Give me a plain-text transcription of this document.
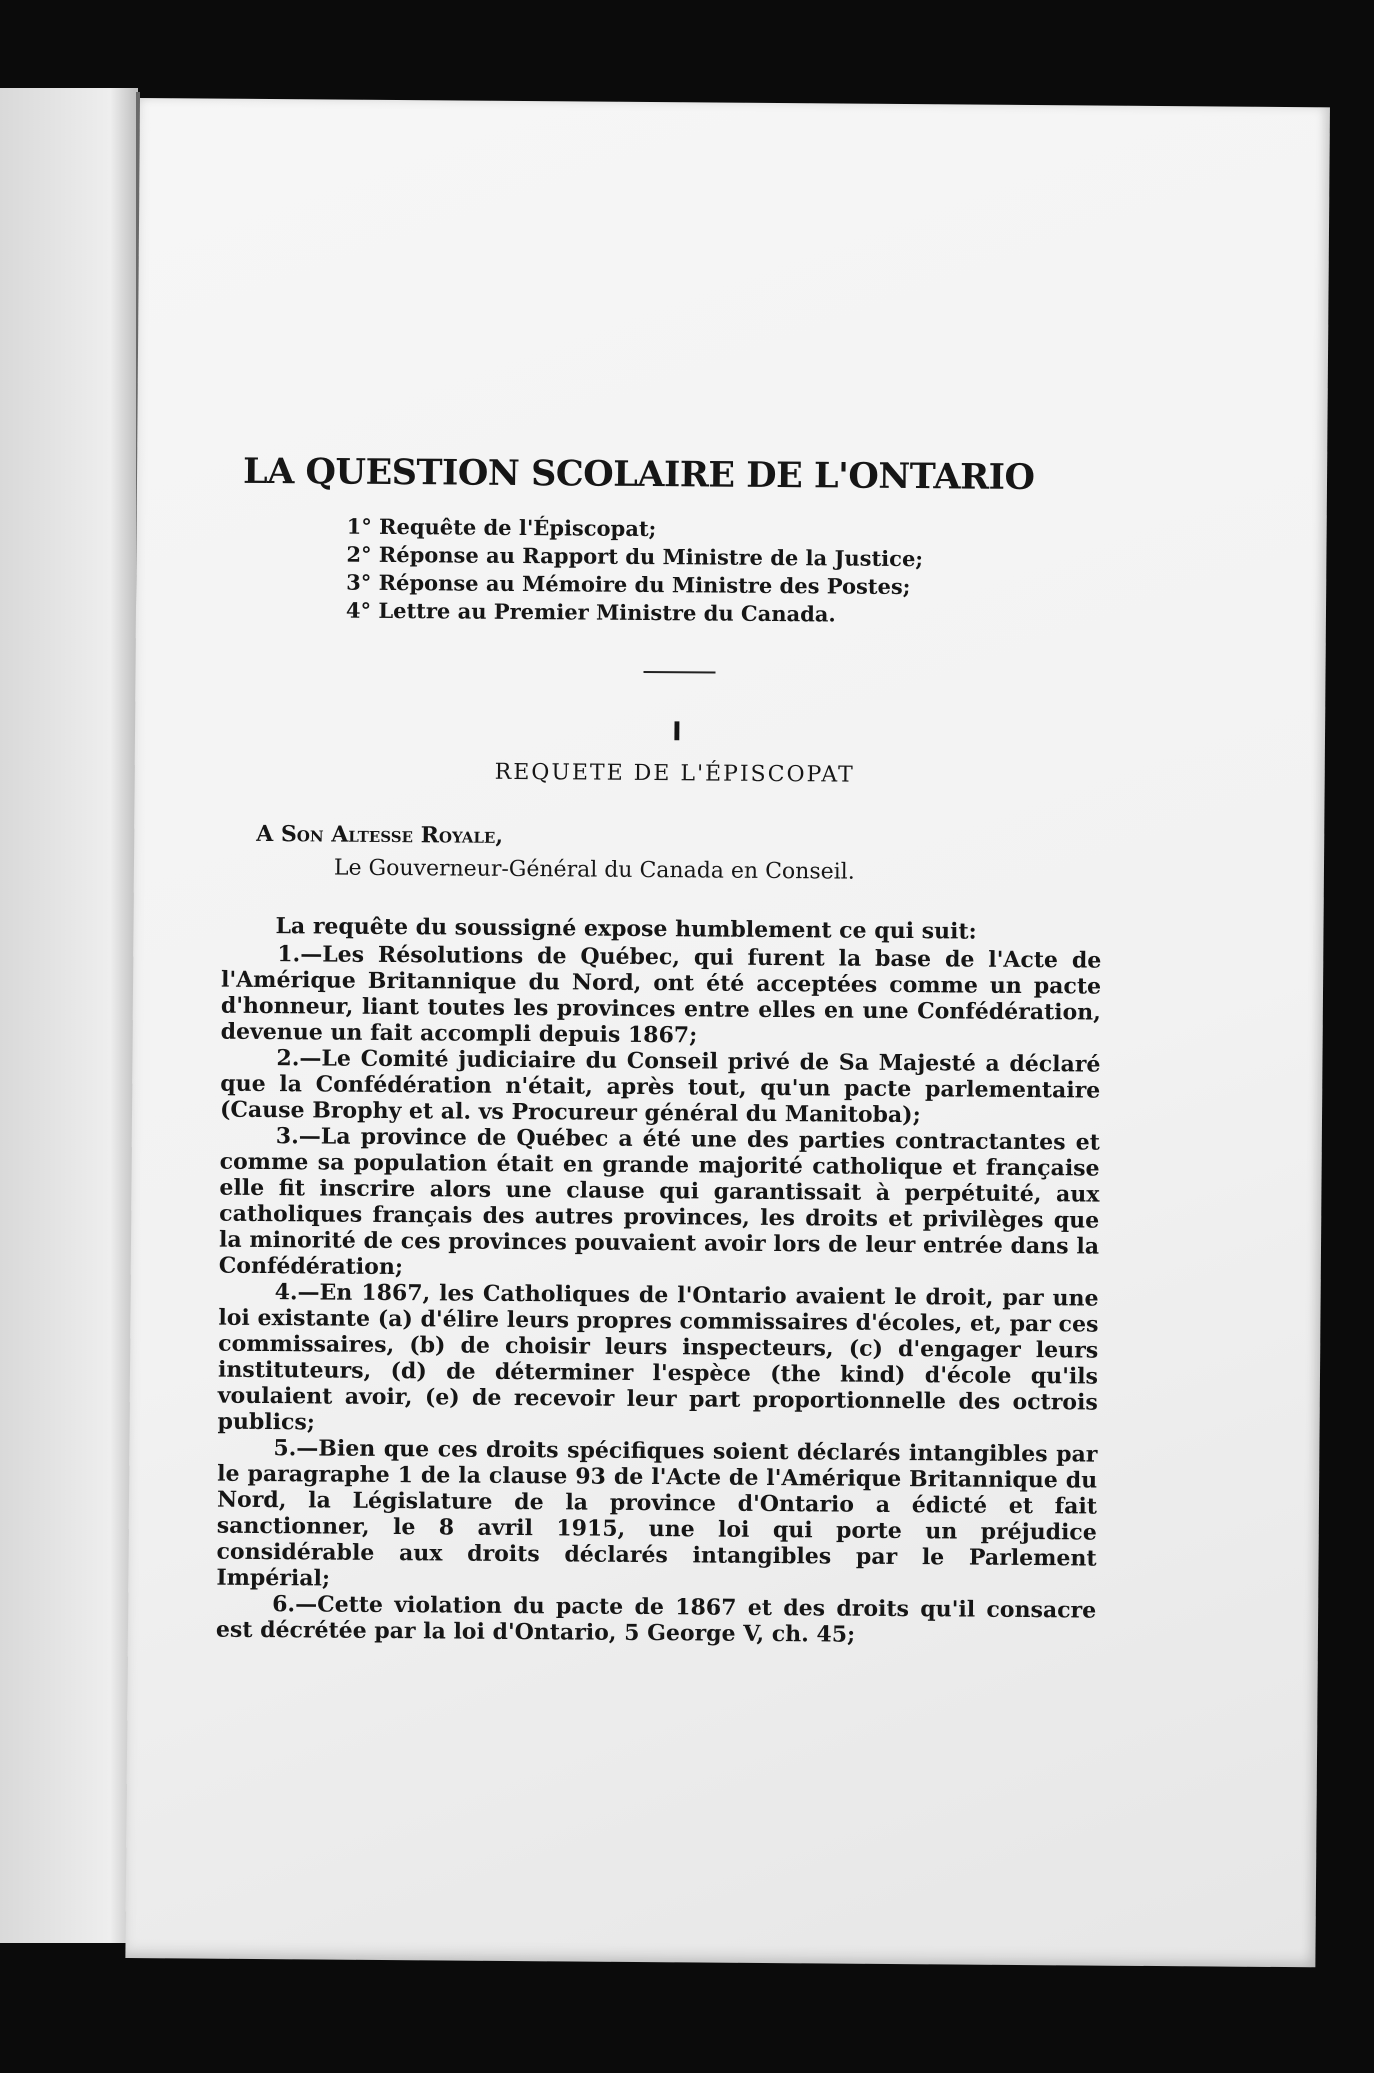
LA QUESTION SCOLAIRE DE L'ONTARIO
1° Requête de l'Épiscopat;
2° Réponse au Rapport du Ministre de la Justice;
3° Réponse au Mémoire du Ministre des Postes;
4° Lettre au Premier Ministre du Canada.
I
REQUETE DE L'ÉPISCOPAT
A Son Altesse Royale,
Le Gouverneur-Général du Canada en Conseil.
La requête du soussigné expose humblement ce qui suit:

1.—Les Résolutions de Québec, qui furent la base de l'Acte de l'Amérique Britannique du Nord, ont été acceptées comme un pacte d'honneur, liant toutes les provinces entre elles en une Confédération, devenue un fait accompli depuis 1867;

2.—Le Comité judiciaire du Conseil privé de Sa Majesté a déclaré que la Confédération n'était, après tout, qu'un pacte parlementaire (Cause Brophy et al. vs Procureur général du Manitoba);

3.—La province de Québec a été une des parties contractantes et comme sa population était en grande majorité catholique et française elle fit inscrire alors une clause qui garantissait à perpétuité, aux catholiques français des autres provinces, les droits et privilèges que la minorité de ces provinces pouvaient avoir lors de leur entrée dans la Confédération;

4.—En 1867, les Catholiques de l'Ontario avaient le droit, par une loi existante (a) d'élire leurs propres commissaires d'écoles, et, par ces commissaires, (b) de choisir leurs inspecteurs, (c) d'engager leurs instituteurs, (d) de déterminer l'espèce (the kind) d'école qu'ils voulaient avoir, (e) de recevoir leur part proportionnelle des octrois publics;

5.—Bien que ces droits spécifiques soient déclarés intangibles par le paragraphe 1 de la clause 93 de l'Acte de l'Amérique Britannique du Nord, la Législature de la province d'Ontario a édicté et fait sanctionner, le 8 avril 1915, une loi qui porte un préjudice considérable aux droits déclarés intangibles par le Parlement Impérial;

6.—Cette violation du pacte de 1867 et des droits qu'il consacre est décrétée par la loi d'Ontario, 5 George V, ch. 45;
